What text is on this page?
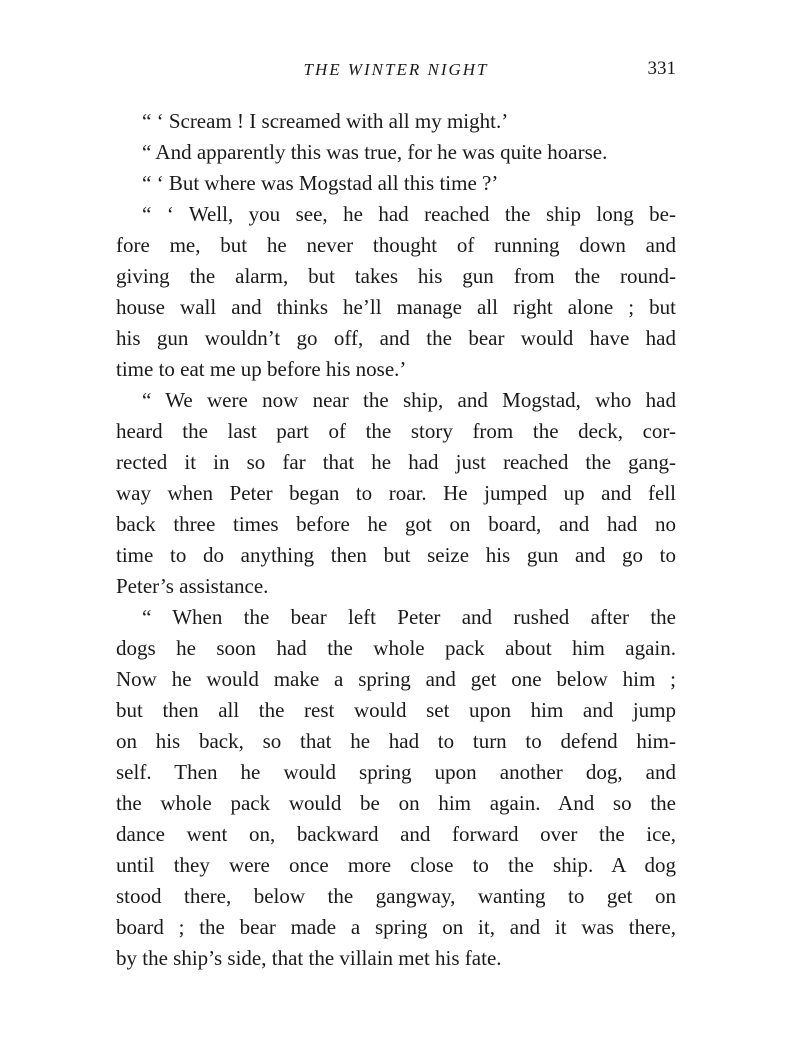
THE WINTER NIGHT	331
“ ‘ Scream ! I screamed with all my might.’
“ And apparently this was true, for he was quite hoarse.
“ ‘ But where was Mogstad all this time ?’
“ ‘ Well, you see, he had reached the ship long be-
fore me, but he never thought of running down and
giving the alarm, but takes his gun from the round-
house wall and thinks he’ll manage all right alone ; but
his gun wouldn’t go off, and the bear would have had
time to eat me up before his nose.’
“ We were now near the ship, and Mogstad, who had
heard the last part of the story from the deck, cor-
rected it in so far that he had just reached the gang-
way when Peter began to roar. He jumped up and fell
back three times before he got on board, and had no
time to do anything then but seize his gun and go to
Peter’s assistance.
“ When the bear left Peter and rushed after the
dogs he soon had the whole pack about him again.
Now he would make a spring and get one below him ;
but then all the rest would set upon him and jump
on his back, so that he had to turn to defend him-
self. Then he would spring upon another dog, and
the whole pack would be on him again. And so the
dance went on, backward and forward over the ice,
until they were once more close to the ship. A dog
stood there, below the gangway, wanting to get on
board ; the bear made a spring on it, and it was there,
by the ship’s side, that the villain met his fate.
